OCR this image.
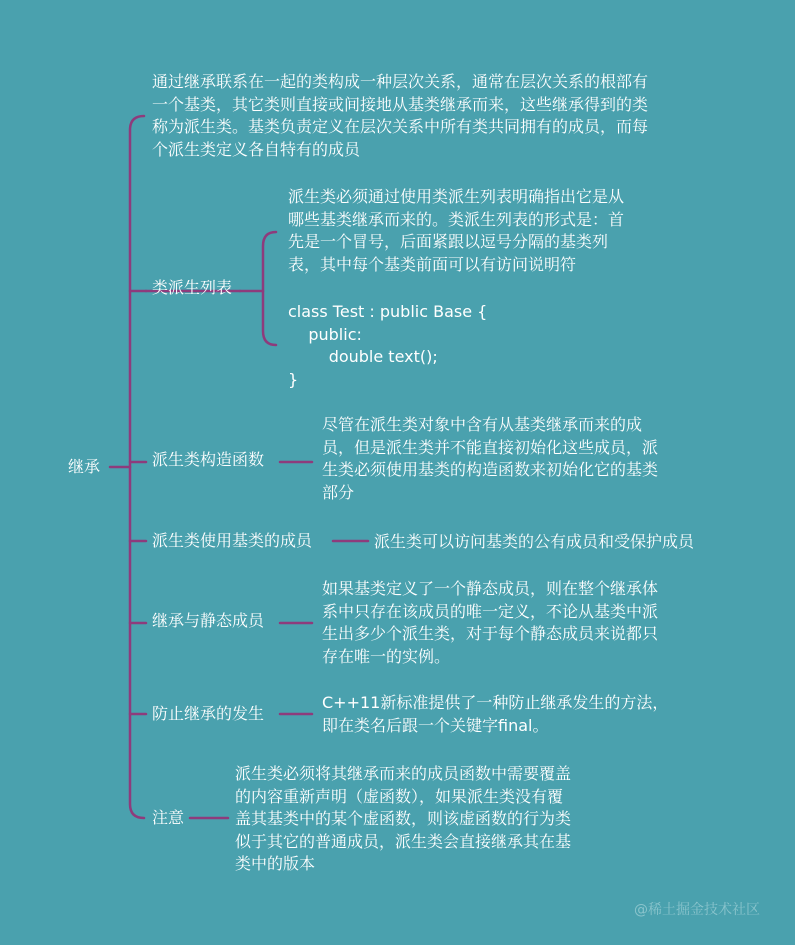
继承
通过继承联系在一起的类构成一种层次关系，通常在层次关系的根部有
一个基类，其它类则直接或间接地从基类继承而来，这些继承得到的类
称为派生类。基类负责定义在层次关系中所有类共同拥有的成员，而每
个派生类定义各自特有的成员
类派生列表
派生类必须通过使用类派生列表明确指出它是从
哪些基类继承而来的。类派生列表的形式是：首
先是一个冒号，后面紧跟以逗号分隔的基类列
表，其中每个基类前面可以有访问说明符
class Test : public Base {
public:
double text();
}
派生类构造函数
尽管在派生类对象中含有从基类继承而来的成
员，但是派生类并不能直接初始化这些成员，派
生类必须使用基类的构造函数来初始化它的基类
部分
派生类使用基类的成员	派生类可以访问基类的公有成员和受保护成员
继承与静态成员
如果基类定义了一个静态成员，则在整个继承体
系中只存在该成员的唯一定义，不论从基类中派
生出多少个派生类，对于每个静态成员来说都只
存在唯一的实例。
防止继承的发生
C++11新标准提供了一种防止继承发生的方法，
即在类名后跟一个关键字final。
注意
派生类必须将其继承而来的成员函数中需要覆盖
的内容重新声明（虚函数），如果派生类没有覆
盖其基类中的某个虚函数，则该虚函数的行为类
似于其它的普通成员，派生类会直接继承其在基
类中的版本
@稀土掘金技术社区
